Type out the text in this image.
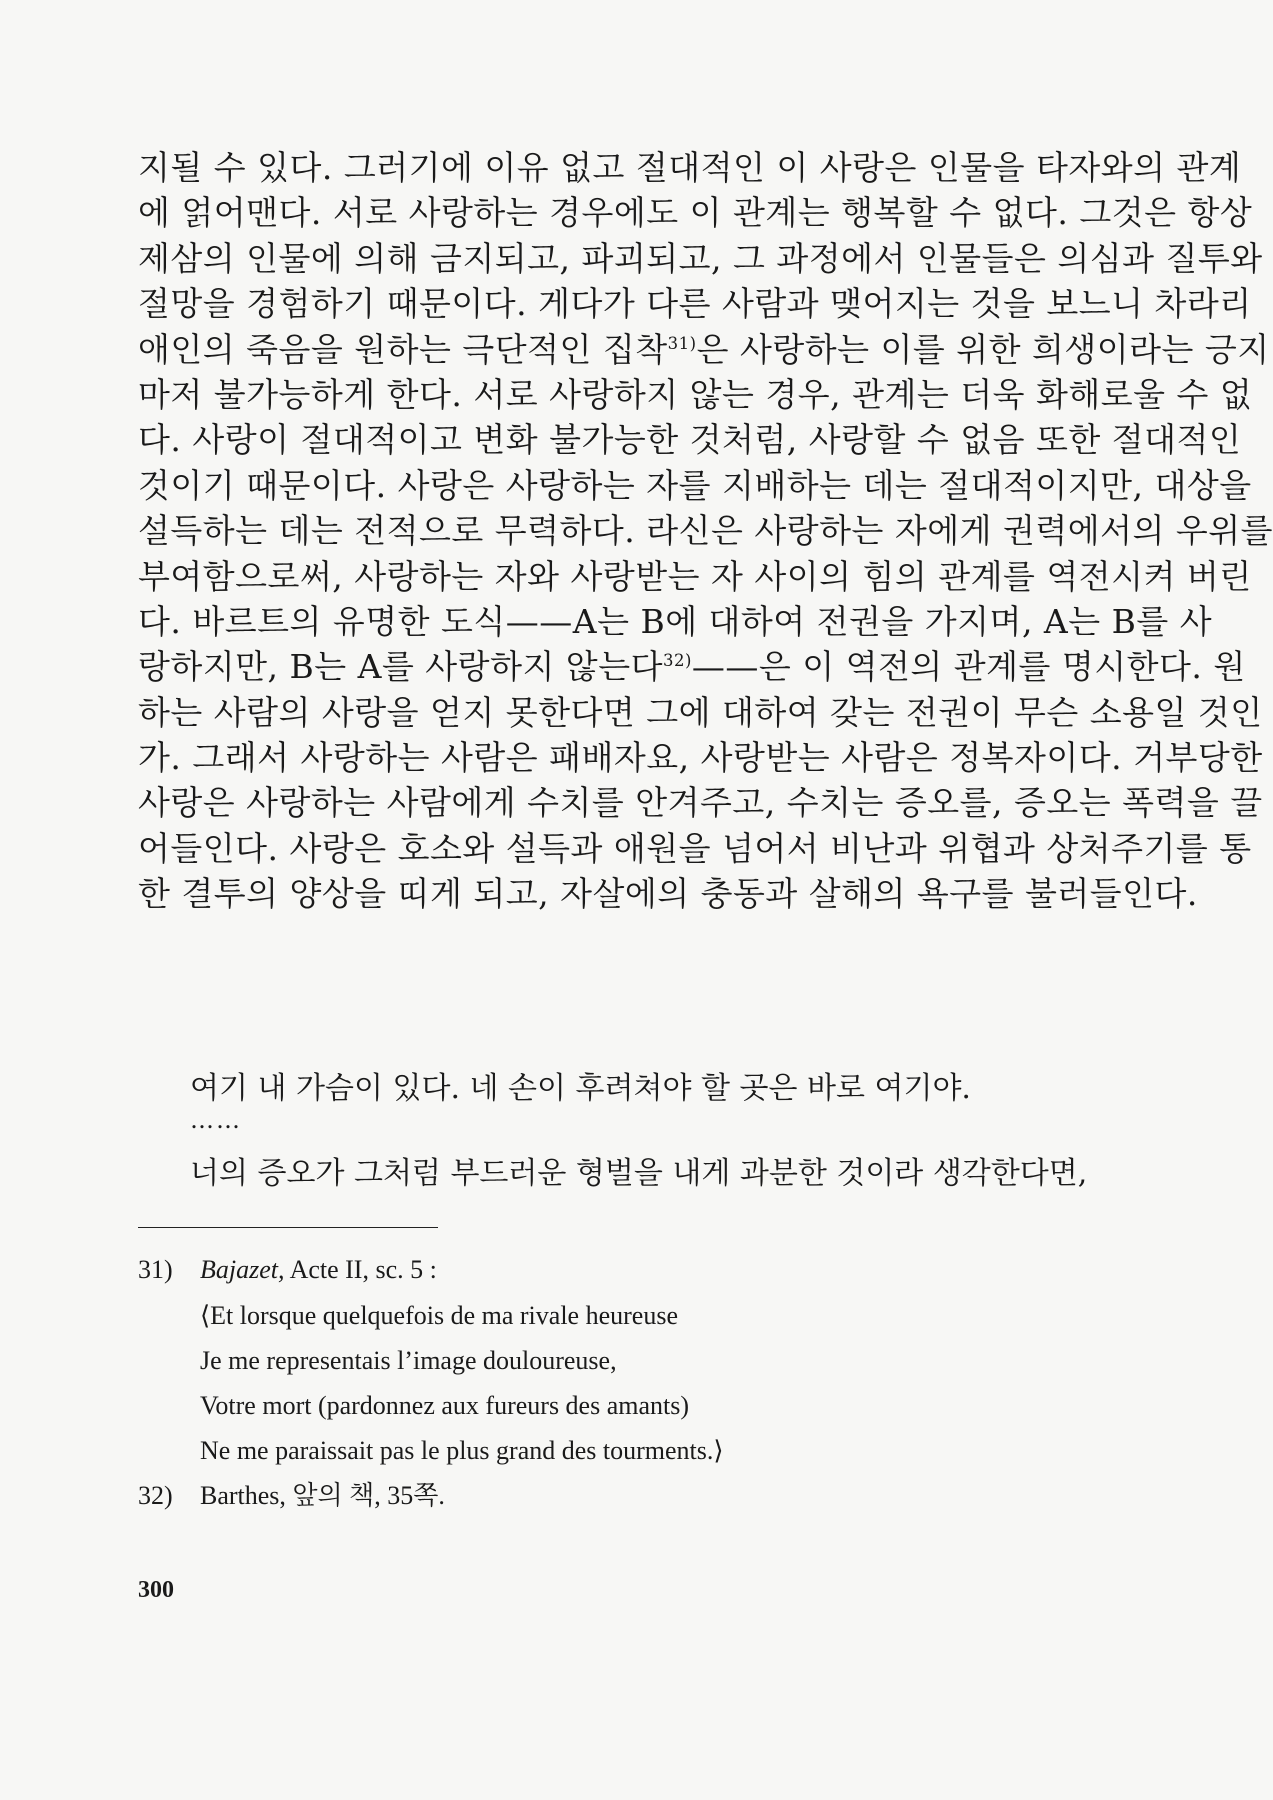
지될 수 있다. 그러기에 이유 없고 절대적인 이 사랑은 인물을 타자와의 관계
에 얽어맨다. 서로 사랑하는 경우에도 이 관계는 행복할 수 없다. 그것은 항상
제삼의 인물에 의해 금지되고, 파괴되고, 그 과정에서 인물들은 의심과 질투와
절망을 경험하기 때문이다. 게다가 다른 사람과 맺어지는 것을 보느니 차라리
애인의 죽음을 원하는 극단적인 집착$^{31)}$은 사랑하는 이를 위한 희생이라는 긍지
마저 불가능하게 한다. 서로 사랑하지 않는 경우, 관계는 더욱 화해로울 수 없
다. 사랑이 절대적이고 변화 불가능한 것처럼, 사랑할 수 없음 또한 절대적인
것이기 때문이다. 사랑은 사랑하는 자를 지배하는 데는 절대적이지만, 대상을
설득하는 데는 전적으로 무력하다. 라신은 사랑하는 자에게 권력에서의 우위를
부여함으로써, 사랑하는 자와 사랑받는 자 사이의 힘의 관계를 역전시켜 버린
다. 바르트의 유명한 도식——A는 B에 대하여 전권을 가지며, A는 B를 사
랑하지만, B는 A를 사랑하지 않는다$^{32)}$——은 이 역전의 관계를 명시한다. 원
하는 사람의 사랑을 얻지 못한다면 그에 대하여 갖는 전권이 무슨 소용일 것인
가. 그래서 사랑하는 사람은 패배자요, 사랑받는 사람은 정복자이다. 거부당한
사랑은 사랑하는 사람에게 수치를 안겨주고, 수치는 증오를, 증오는 폭력을 끌
어들인다. 사랑은 호소와 설득과 애원을 넘어서 비난과 위협과 상처주기를 통
한 결투의 양상을 띠게 되고, 자살에의 충동과 살해의 욕구를 불러들인다.
여기 내 가슴이 있다. 네 손이 후려쳐야 할 곳은 바로 여기야.
……
너의 증오가 그처럼 부드러운 형벌을 내게 과분한 것이라 생각한다면,
31) Bajazet, Acte II, sc. 5 :
⟨Et lorsque quelquefois de ma rivale heureuse
Je me representais l’image douloureuse,
Votre mort (pardonnez aux fureurs des amants)
Ne me paraissait pas le plus grand des tourments.⟩
32) Barthes, 앞의 책, 35쪽.
300
